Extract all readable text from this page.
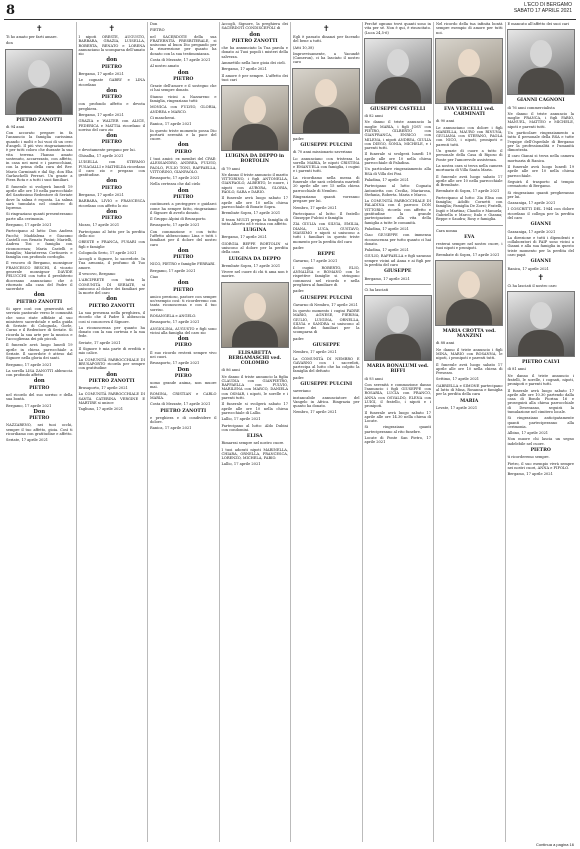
8	L'ECO DI BERGAMO
SABATO 17 APRILE 2021
✝

Ti ho amato per farti amare.

don

PIETRO ZANOTTI

di 94 anni

Con accorato pregare in fa l'annuncio la famiglia carissima quando i molti e lui vuoi di un cero d'angeli. Il più vivo ringraziamento è per tutti coloro che durante la sua vita terrena l'hanno amato sostenuto, accarezzato, con affetto, in casa nei mesi e i parrocchiani, con la prima della cura del Rev. Mario Carminati e dal Sig. don Elia Garlaschelli Ferrari. Un grazie a Piera Rota e a tutti i suoi familiari.

Il funerale si svolgerà lunedì 19 aprile alle ore 10 nella parrocchiale del Santissimo Redentore di Seriate dove la salma è esposta. La salma sarà tumulata nel cimitero di Ispremo.

Si ringraziano quanti presenteranno parte alla cerimonia.

Bergamo, 17 aprile 2021

Partecipano al lutto: Don Andrea Pacchi; Maddalena e Giacomo Castelli con Renato Pasini; Marielli, Andrea Tisi e famiglia con riconoscenza; Maria Castelli e famiglia; Mariateresa Cortinovis e famiglia con profondo cordoglio.

Il vescovo di Bergamo, monsignor FRANCESCO BESCHI, il vicario generale monsignor DAVIDE PELUCCHI con tutto il presbiterio diocesano annunciano che è ritornato alla casa del Padre il sacerdote

don

PIETRO ZANOTTI

Si apre così con generosità nel servizio pastorale verso le comunità che sono state affidate al suo ministero sacerdotale e nella guida di Seriate: di Colognola, Gorle, Curno e il Redentore di Seriate. Si ricorda la sua arte per la musica e l'accoglienza dei più piccoli.

Il funerale avrà luogo lunedì 19 aprile in chiesa parrocchiale a Seriate. Il sacerdote è atteso dal Signore nella gloria dei santi.

Bergamo, 17 aprile 2021

La sorella LISA ZANOTTI abbraccia con profondo affetto

don

PIETRO

nel ricordo del suo sorriso e della sua bontà.

Bergamo, 17 aprile 2021

Don

PIETRO

NAZZARENO, nei tuoi occhi, sempre il tuo affetto, gioia. Così ti ricordiamo con gratitudine e affetto.

Seriate, 17 aprile 2021

✝

I nipoti ORESTE, AUGUSTO, BARBARA, GRAZIA, LUISELLA, ROBERTA, RENATO e LORENA annunciano la scomparsa dell'amato zio

don

PIETRO

Bergamo, 17 aprile 2021

Le cognate GABRY e LINA ricordano

don

PIETRO

con profondo affetto e devota preghiera.

Bergamo, 17 aprile 2021

GRAZIA e WALTER con ALICE, FEDERICA e MATTIA ricordano il sorriso del caro zio

don

PIETRO

e devotamente pregano per lui.

Ghisalba, 17 aprile 2021

LUISELLA con STEFANO FUSAGALLI e MATHILDA ricordano il caro zio e pregano con gratitudine.

don

PIETRO

Bergamo, 17 aprile 2021

BARBARA, LIVIO e FRANCESCA ricordano con affetto lo zio

don

PIETRO

Mozzo, 17 aprile 2021

Partecipano al lutto per la perdita dello zio:

ORESTE e FRANCA, FUSARI con figli e famiglie

Colognola Serio, 17 aprile 2021

Accogli o Signore, lo sacerdote. In Tua armonia, il profumo di Tuo amore.

Il vescovo, Bergamo

L'ARCIPRETE con tutta la COMUNITÀ DI SERIATE, si uniscono al dolore dei familiari per la morte del caro

don

PIETRO ZANOTTI

La sua presenza nella preghiera, il ricordo che il Padre li abbraccia cosi si conosceva il Signore.

La riconoscenza per quanto ha donato con la sua cortesia e la sua fede.

Seriate, 17 aprile 2021

Il Signore è mia parte di eredità e mio calice.

La COMUNITÀ PARROCCHIALE DI BRUSAPORTO ricorda per sempre con gratitudine

don

PIETRO ZANOTTI

Brusaporto, 17 aprile 2021

La COMUNITÀ PARROCCHIALE DI SANTA CATERINA VERGINE E MARTIRE si unisce

Tagliuno, 17 aprile 2021

Don

PIETRO

nel SACERDOTE della sua FRATERNITÀ PRESBITERALE, si uniscono al buon Dio pregando per la risurrezione per quanto ha donato con la sua testimonianza.

Costa di Mezzate, 17 aprile 2021

Al nostro amato

don

PIETRO

Grazie dell'amore e il sostegno che ci hai sempre donato.

Stanno vicini a Nazzareno e famiglia, ringraziano tutti:

MONICA con FULVIO, GLORIA, ANDREA e MARCO.

Ci mancherai.

Ranica, 17 aprile 2021

In questo triste momento possa Dio portarti serenità e la pace del cuore.

don

PIERO

I tuoi amici: ex membri del CPAE: ALESSANDRO, ANDREA, FULVIO, PAOLO, PULIO TONI, RAFFAELLA, VITTORINO, GIANPAOLO.

Brusaporto, 17 aprile 2021

Nella certezza che dal cielo

don

PIETRO

continuerà a proteggere e guidarci come ha sempre fatto, ringraziamo il Signore di averlo donato.

Il Gruppo Alpini di Brusaporto.

Brusaporto, 17 aprile 2021

Con commozione e con tutto l'affetto abbracciamo Lina e tutti i familiari per il dolore del nostro caro

don

PIETRO

NICO, PIETRO e famiglie FERRARI.

Bergamo, 17 aprile 2021

Ciao

don

PIETRO

amico prezioso, pastore con sempre un'esempio così: ti ricorderemo con tanta riconoscenza e con il tuo sorriso.

ROSANGELA e ANGELO.

Brusaporto, 17 aprile 2021

ANGIOLINA, AUGUSTO e figli sono vicini alla famiglia del caro zio

don

PIERO

Il suo ricordo resterà sempre vivo nei cuori.

Brusaporto, 17 aprile 2021

Don

PIERO

uomo grande anima, non muore mai.

ROMINA, CRISTIAN e CARLO MARIA.

Costa di Mezzate, 17 aprile 2021

PIETRO ZANOTTI

e preghiera e di condividere il dolore.

Ranica, 17 aprile 2021

Accogli, Signore, la preghiera dei SACERDOTI CONDISCEPOLI di

don

PIETRO ZANOTTI

che ha annunciato la Tua parola e donato ai Tuoi popoli i misteri della salvezza.

Ammettilo nella luce gioia dei cieli.

Bergamo, 17 aprile 2021

Il amore è per sempre. L'affetto dei tuoi cari

LUIGINA DA DEPPO in BORTOLIN

di 79 anni

Ne danno il triste annuncio il marito VITTORINO, i figli ANTONELLA, GIANPAOLO, ALBERTO, le nuore, i nipoti con AURORA, GLORIA, PAOLO, SARA e DARIO.

Il funerale avrà luogo sabato 17 aprile alle ore 10 nella chiesa parrocchiale di Bonate Sopra.

Brembate Sopra, 17 aprile 2021

Il team MULTI prega la famiglia di tutta Alberto ed è vicina con affetto.

LUIGINA

Bergamo, 17 aprile 2021

GIORGIA BEPPE BORTOLIN si uniscono al dolore per la perdita della cara

LUIGINA DA DEPPO

Brembate Sopra, 17 aprile 2021

Vivere nel cuore di chi ti ama non è morire.

ELISABETTA BERGAMASCHI ved. COLOMBO

di 86 anni

Ne danno il triste annuncio la figlia CLAUDIA con GIANPIETRO, RAFFAELLA con FULVIO, MARILENA con MARCO, DANIELA con OSMAR, i nipoti, le sorelle e i parenti tutti.

Il funerale si svolgerà sabato 17 aprile alle ore 10 nella chiesa parrocchiale di Lallio.

Lallio, 17 aprile 2021

Partecipano al lutto: Aldo Dubini con condomini.

ELISA

Rimarrai sempre nel nostro cuore.

I tuoi adorati nipoti MARINELLA, CHIARA, ORNELLA, FRANCESCA, LORENZO, MICHELA, FABIO.

Lallio, 17 aprile 2021

✝

Egli è passato dinanzi per facendo del bene a tutti.

(Atti 10,38)

Improvvisamente, a Yaoundé (Camerun), ci ha lasciato il nostro caro

padre

GIUSEPPE PULCINI

di 70 anni missionario saveriano

Lo annunciano con tristezza la sorella MARIA, le nipoti CRISTINA e EMANUELA con famiglia, i cugini e i parenti tutti.

La ricordiamo nella messa di funerale che sarà celebrata martedì 20 aprile alle ore 15 nella chiesa parrocchiale di Nembro.

Ringraziamo quanti vorranno pregare per lui.

Nembro, 17 aprile 2021

Partecipano al lutto: Il fratello Giuseppe Pulcini e famiglia

ZIA GIULIA con SILVIA, EMILIA, DIANA, LUCA, GUSTAVO, MASSIMO e nipoti si uniscono a tutti i familiari in questo triste momento per la perdita del caro

padre

BEPPE

Gavarno, 17 aprile 2021

I cugini ROBERTO, ELIO, ANNALISA e ROMANO con le rispettive famiglie si stringono commossi nel ricordo e nella preghiera al familiare di

padre

GIUSEPPE PULCINI

Gavarno di Nembro, 17 aprile 2021

In questo momento i cugini PADRE MARIO, AGNESE, PIERINA, GIULIO, LUIGINA, ORNELLA, SILVIA e SANDRA si uniscono al dolore dei familiari per la scomparsa di

padre

GIUSEPPE

Nembro, 17 aprile 2021

La COMUNITÀ DI NEMBRO E GAVARNO con i sacerdoti, partecipa al lutto che ha colpito la famiglia del defunto

padre

GIUSEPPE PULCINI

saveriano

instancabile annunciatore del Vangelo in Africa. Ringrazia per quanto ha donato.

Nembro, 17 aprile 2021

Perché ognuno trovi quanti sono in vita per sé. Non è qui, è risuscitato. (Luca 24,5-6)

GIUSEPPE CASTELLI

di 82 anni

Ne danno il triste annuncio la moglie MARIA, i figli JOSY con PIETRO, GILBERTO con GIANFRANCA, ENRICO con MILENA, i nipoti ANDREA, GIULIA con DIEGO, SONIA, MICHELE, e i parenti tutti.

Il funerale si svolgerà lunedì 19 aprile alle ore 10 nella chiesa parrocchiale di Paladina.

Un particolare ringraziamento alla RSA di Villa dei Pini.

Paladina, 17 aprile 2021

Partecipano al lutto: Cognata Antonietta con Cecilia, Mariarosa, Stefania, Roberta. Maria e Marco.

La COMUNITÀ PARROCCHIALE DI PALADINA con il parroco DON VITTORIO, ricorda con affetto e gratitudine la grande partecipazione alla vita della famiglia a tutte le comunità.

Paladina, 17 aprile 2021

Ciao GIUSEPPE con immensa riconoscenza per tutto quanto ci hai donato.

Paladina, 17 aprile 2021

GIULIO, RAFFAELLA e figli saranno sempre vicini ad Anna e ai figli per la perdita del caro

GIUSEPPE

Bergamo, 17 aprile 2021

Ci ha lasciati

MARIA BONALUMI ved. BIFFI

di 93 anni

Con serenità e commozione danno l'annuncio i figli GIUSEPPE con ROSARIA, LUCIA con FRANCO, ANNA con OSVALDO, ELENA con LUIGI, il fratello, i nipoti e i pronipoti.

Il funerale avrà luogo sabato 17 aprile alle ore 14.30 nella chiesa di Locate.

Si ringraziano quanti parteciperanno al rito funebre.

Locate di Ponte San Pietro, 17 aprile 2021

Nel ricordo della tua infinita bontà sempre esempio di amore per tutti noi.

EVA VERCELLI ved. CARMINATI

di 90 anni

Le annunciano con dolore i figli MARIELLA, MAURO con RINUNA, GIULIANA con STEFANO, PAOLA con NICO, i nipoti, pronipoti e parenti tutti.

Un grazie di cuore a tutto il personale della Casa di Riposo di Ponte per l'amorevole assistenza.

La nostra cara si trova nella camera mortuaria di Villa Santa Maria.

Il funerale avrà luogo sabato 17 aprile alle ore 10 nella parrocchiale di Brembate.

Brembate di Sopra, 17 aprile 2021

Partecipano al lutto: Zia Elisa con famiglia; Adolfo Cornetti con famiglia; Famiglia De Zorzi; Fratelli, Ingiò e Martina; Claudio e Manuela; Gabriella e Marco; Italo e Gianna; Beppe e Saudra; Rosy e famiglia.

Cara nonna

EVA

resterai sempre nel nostro cuore, i tuoi nipoti e pronipoti.

Brembate di Sopra, 17 aprile 2021

MARIA CROTTA ved. MANZINI

di 88 anni

Ne danno il triste annuncio i figli MINA, MARIO con ROSANNA, le nipoti, i pronipoti e parenti tutti.

Il funerale avrà luogo sabato 17 aprile alle ore 10 nella chiesa di Presezzo.

Settimo, 17 aprile 2021

GABRIELLA e SIMONE partecipano al lutto di Mina, Rosanna e famiglia per la perdita della cara

MARIA

Levate, 17 aprile 2021

È mancato all'affetto dei suoi cari

GIANNI CAGNONI

di 76 anni commercialista

Ne danno il triste annuncio la moglie FRANCA, i figli FABIO, MANUEL, MATTEO e MICHELE, nipoti e parenti tutti.

Un particolare ringraziamento a tutto il personale della RSA e tutte l'equipe dell'Ospedale di Bergamo per la professionalità e l'umanità dimostrata.

Il caro Gianni si trova nella camera mortuaria di Ranica.

Il funerale avrà luogo lunedì 19 aprile alle ore 10 nella chiesa parrocchiale.

Seguirà il trasporto al tempio crematorio di Bergamo.

Si ringraziano quanti pregheranno per lui.

Gazzaniga, 17 aprile 2021

I COSCRITTI DEL 1944 con dolore ricordano il collega per la perdita del caro

GIANNI

Gazzaniga, 17 aprile 2021

La direzione e tutti i dipendenti e collaboratori di FAIP sono vicini a Gianni e alla sua famiglia in questo triste momento per la perdita del caro papà

GIANNI

Ranica, 17 aprile 2021

✝

Ci ha lasciati il nostro caro

PIETRO CALVI

di 81 anni

Ne danno il triste annuncio i fratelli, le sorelle, i cognati, nipoti, pronipoti e parenti tutti.

Il funerale avrà luogo sabato 17 aprile alle ore 10.30 partendo dalla casa di Bondo Fiorina 16 e proseguirà alla chiesa parrocchiale di Desenzano, seguirà la tumulazione nel cimitero locale.

Si ringraziano anticipatamente quanti parteciperanno alla cerimonia.

Albino, 17 aprile 2021

Non muore chi lascia un segno indelebile nel cuore.

PIETRO

ti ricorderemo sempre.

Pietro, il suo esempio vivrà sempre nei nostri cuori, ANNA e FIFOLO.

Bergamo, 17 aprile 2021

Continua a pagina 16
